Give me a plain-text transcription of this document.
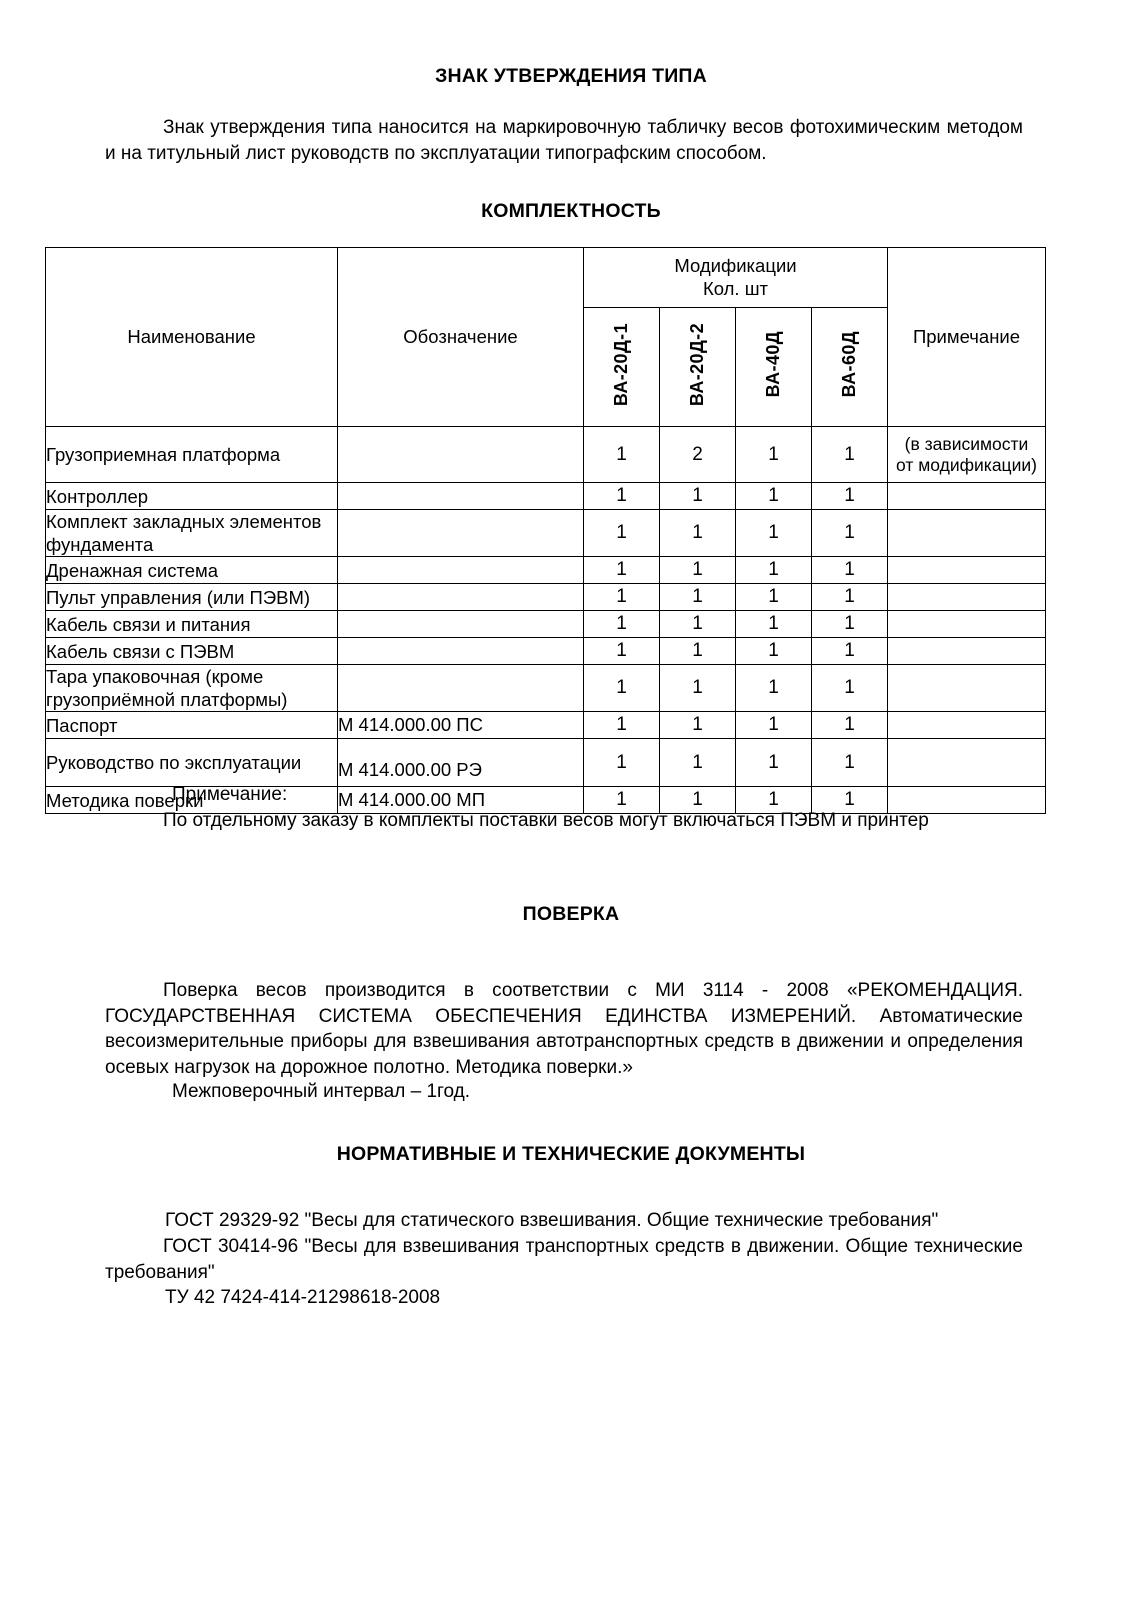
ЗНАК УТВЕРЖДЕНИЯ ТИПА
Знак утверждения типа наносится на маркировочную табличку весов фотохимическим методом и на титульный лист руководств по эксплуатации типографским способом.
КОМПЛЕКТНОСТЬ
Наименование	Обозначение	Модификации
Кол. шт				Примечание
		ВА-20Д-1	ВА-20Д-2	ВА-40Д	ВА-60Д	
Грузоприемная платформа		1	2	1	1	(в зависимости
от модификации)

Контроллер		1	1	1	1	
Комплект закладных элементов фундамента		1	1	1	1	
Дренажная система		1	1	1	1	
Пульт управления (или ПЭВМ)		1	1	1	1	
Кабель связи и питания		1	1	1	1	
Кабель связи с ПЭВМ		1	1	1	1	
Тара упаковочная (кроме грузоприёмной платформы)		1	1	1	1	
Паспорт	М 414.000.00 ПС	1	1	1	1	
Руководство по эксплуатации	М 414.000.00 РЭ	1	1	1	1	
Методика поверки	М 414.000.00 МП	1	1	1	1	
Примечание:
По отдельному заказу в комплекты поставки весов могут включаться ПЭВМ и принтер
ПОВЕРКА
Поверка весов производится в соответствии с МИ 3114 - 2008 «РЕКОМЕНДАЦИЯ. ГОСУДАРСТВЕННАЯ СИСТЕМА ОБЕСПЕЧЕНИЯ ЕДИНСТВА ИЗМЕРЕНИЙ. Автоматические весоизмерительные приборы для взвешивания автотранспортных средств в движении и определения осевых нагрузок на дорожное полотно. Методика поверки.»
Межповерочный интервал – 1год.
НОРМАТИВНЫЕ И ТЕХНИЧЕСКИЕ ДОКУМЕНТЫ
ГОСТ 29329-92 "Весы для статического взвешивания. Общие технические требования"
ГОСТ 30414-96 "Весы для взвешивания транспортных средств в движении. Общие технические требования"
ТУ 42 7424-414-21298618-2008
